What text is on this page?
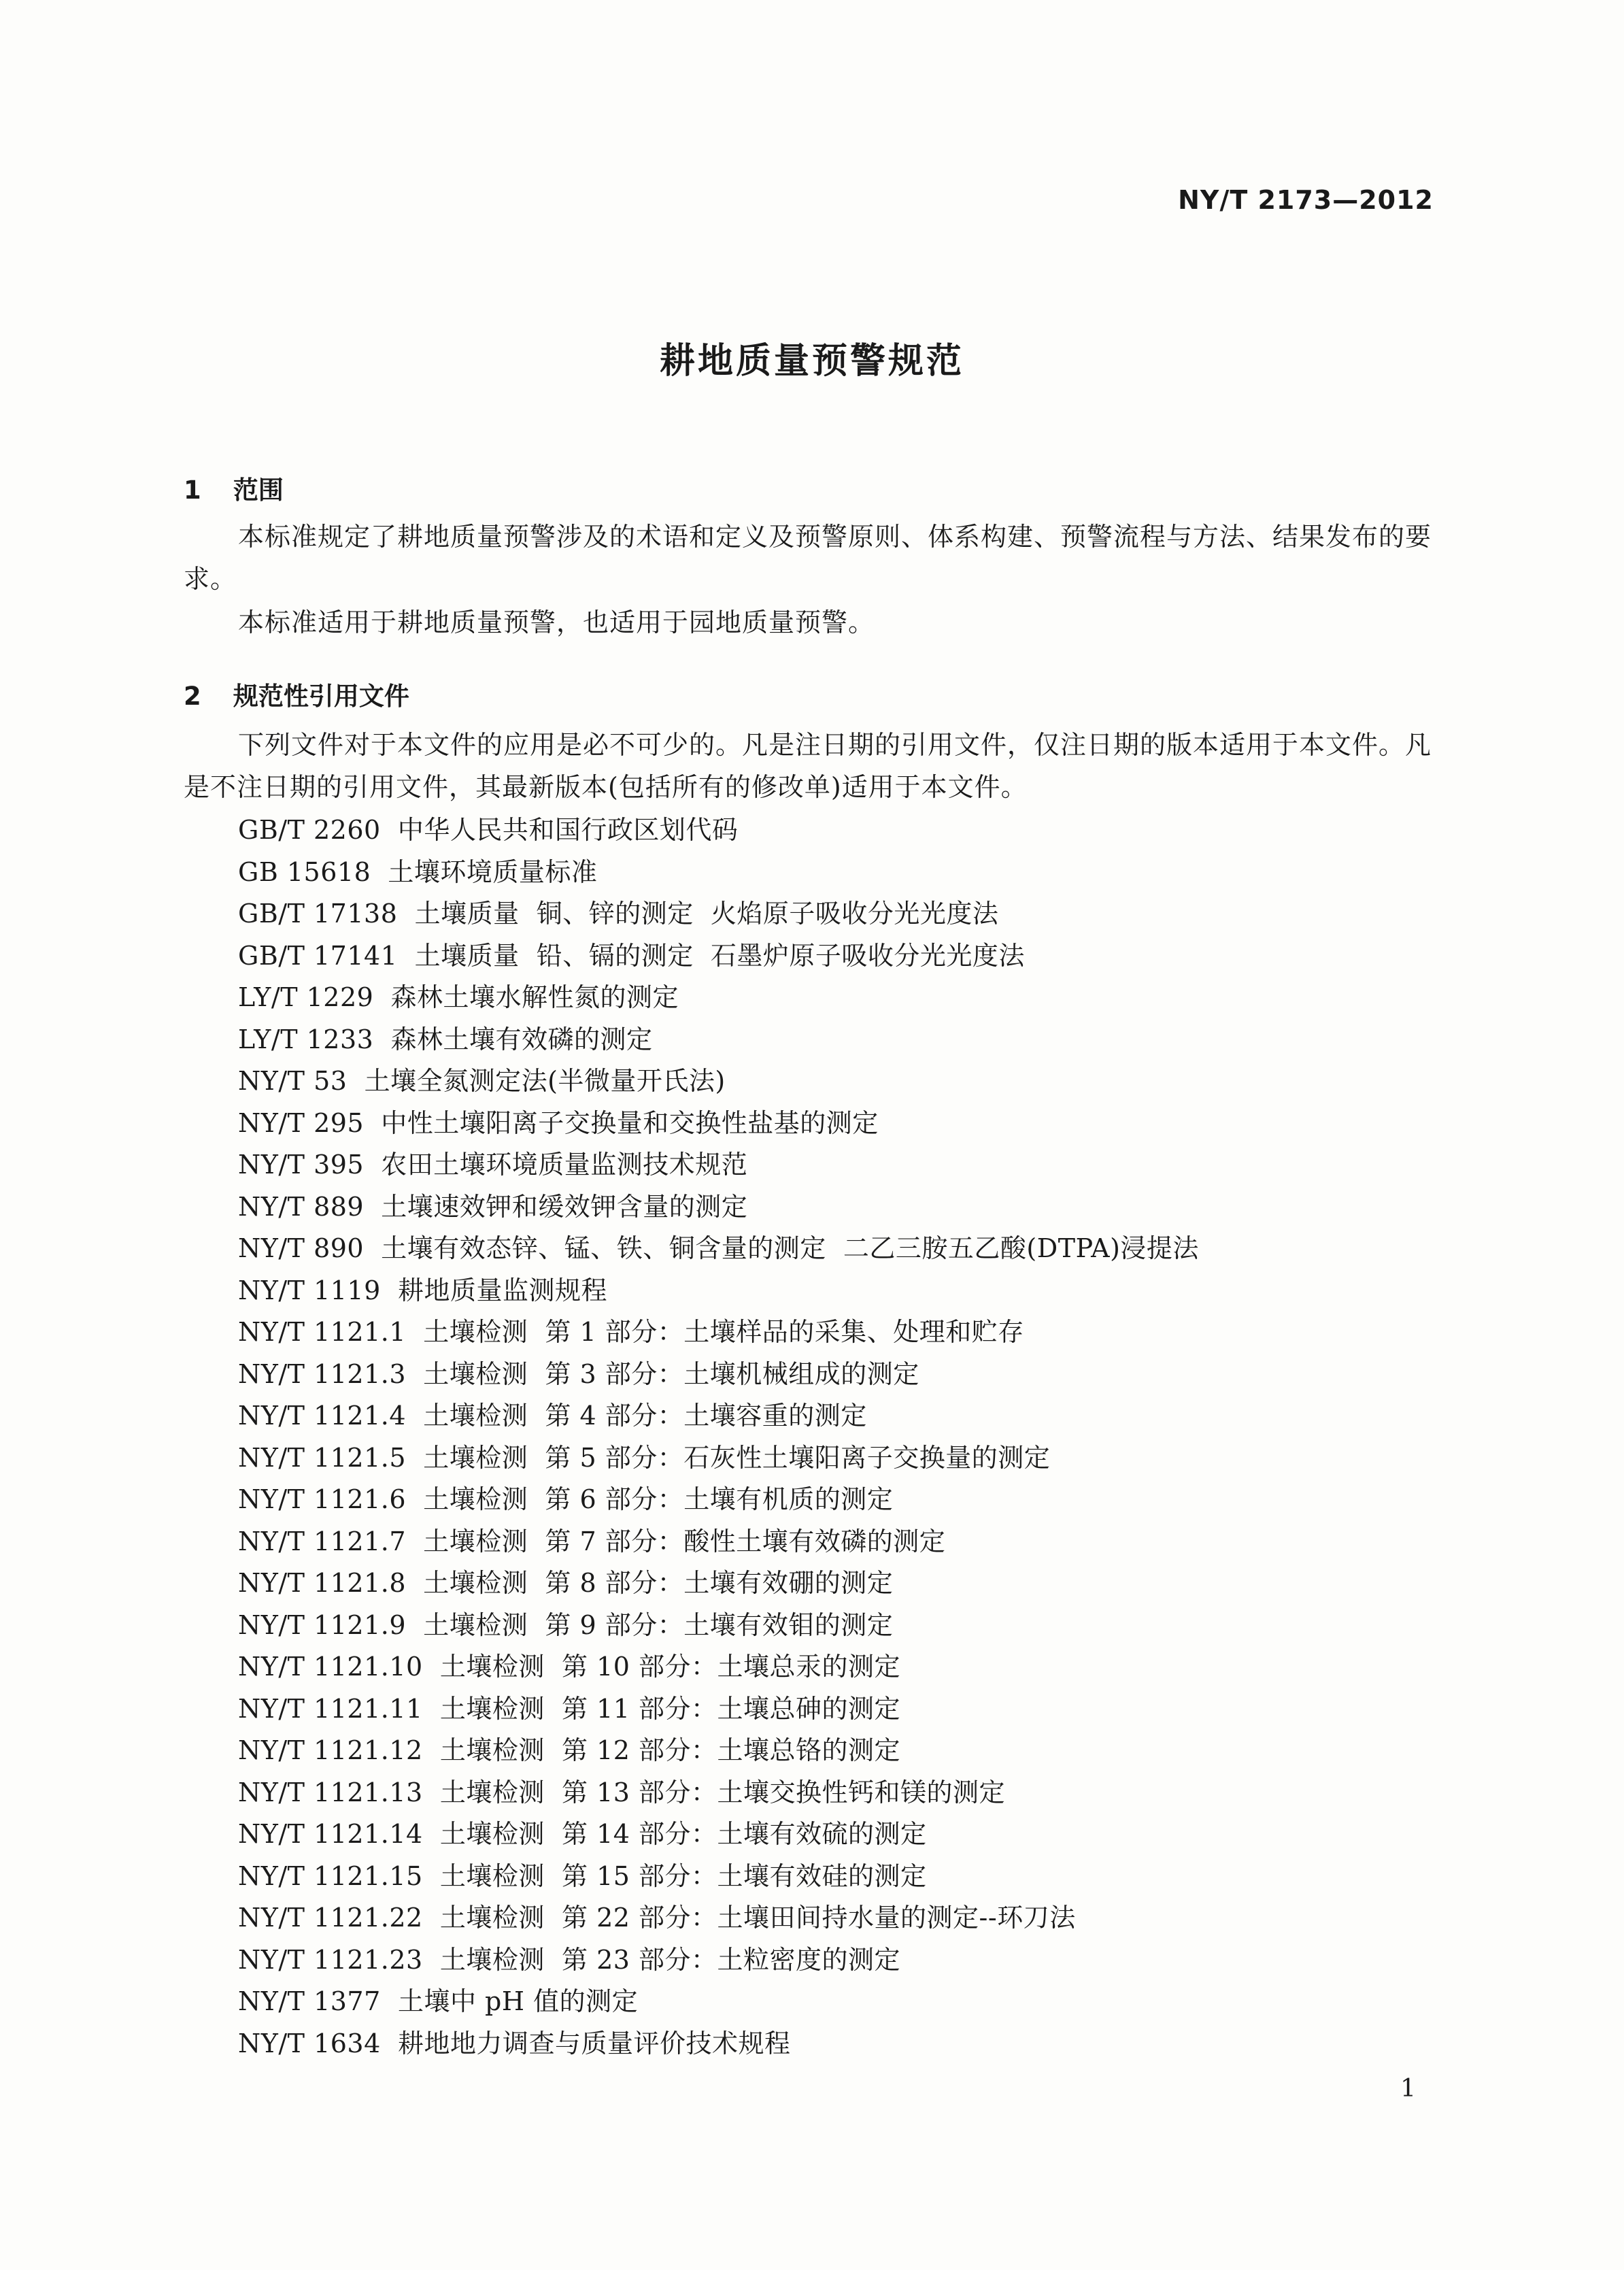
NY/T 2173—2012
耕地质量预警规范
1 范围
本标准规定了耕地质量预警涉及的术语和定义及预警原则、体系构建、预警流程与方法、结果发布的要求。
本标准适用于耕地质量预警，也适用于园地质量预警。
2 规范性引用文件
下列文件对于本文件的应用是必不可少的。凡是注日期的引用文件，仅注日期的版本适用于本文件。凡是不注日期的引用文件，其最新版本(包括所有的修改单)适用于本文件。
GB/T 2260 中华人民共和国行政区划代码
GB 15618 土壤环境质量标准
GB/T 17138 土壤质量  铜、锌的测定  火焰原子吸收分光光度法
GB/T 17141 土壤质量  铅、镉的测定  石墨炉原子吸收分光光度法
LY/T 1229 森林土壤水解性氮的测定
LY/T 1233 森林土壤有效磷的测定
NY/T 53 土壤全氮测定法(半微量开氏法)
NY/T 295 中性土壤阳离子交换量和交换性盐基的测定
NY/T 395 农田土壤环境质量监测技术规范
NY/T 889 土壤速效钾和缓效钾含量的测定
NY/T 890 土壤有效态锌、锰、铁、铜含量的测定  二乙三胺五乙酸(DTPA)浸提法
NY/T 1119 耕地质量监测规程
NY/T 1121.1 土壤检测  第 1 部分：土壤样品的采集、处理和贮存
NY/T 1121.3 土壤检测  第 3 部分：土壤机械组成的测定
NY/T 1121.4 土壤检测  第 4 部分：土壤容重的测定
NY/T 1121.5 土壤检测  第 5 部分：石灰性土壤阳离子交换量的测定
NY/T 1121.6 土壤检测  第 6 部分：土壤有机质的测定
NY/T 1121.7 土壤检测  第 7 部分：酸性土壤有效磷的测定
NY/T 1121.8 土壤检测  第 8 部分：土壤有效硼的测定
NY/T 1121.9 土壤检测  第 9 部分：土壤有效钼的测定
NY/T 1121.10 土壤检测  第 10 部分：土壤总汞的测定
NY/T 1121.11 土壤检测  第 11 部分：土壤总砷的测定
NY/T 1121.12 土壤检测  第 12 部分：土壤总铬的测定
NY/T 1121.13 土壤检测  第 13 部分：土壤交换性钙和镁的测定
NY/T 1121.14 土壤检测  第 14 部分：土壤有效硫的测定
NY/T 1121.15 土壤检测  第 15 部分：土壤有效硅的测定
NY/T 1121.22 土壤检测  第 22 部分：土壤田间持水量的测定--环刀法
NY/T 1121.23 土壤检测  第 23 部分：土粒密度的测定
NY/T 1377 土壤中 pH 值的测定
NY/T 1634 耕地地力调查与质量评价技术规程
1
